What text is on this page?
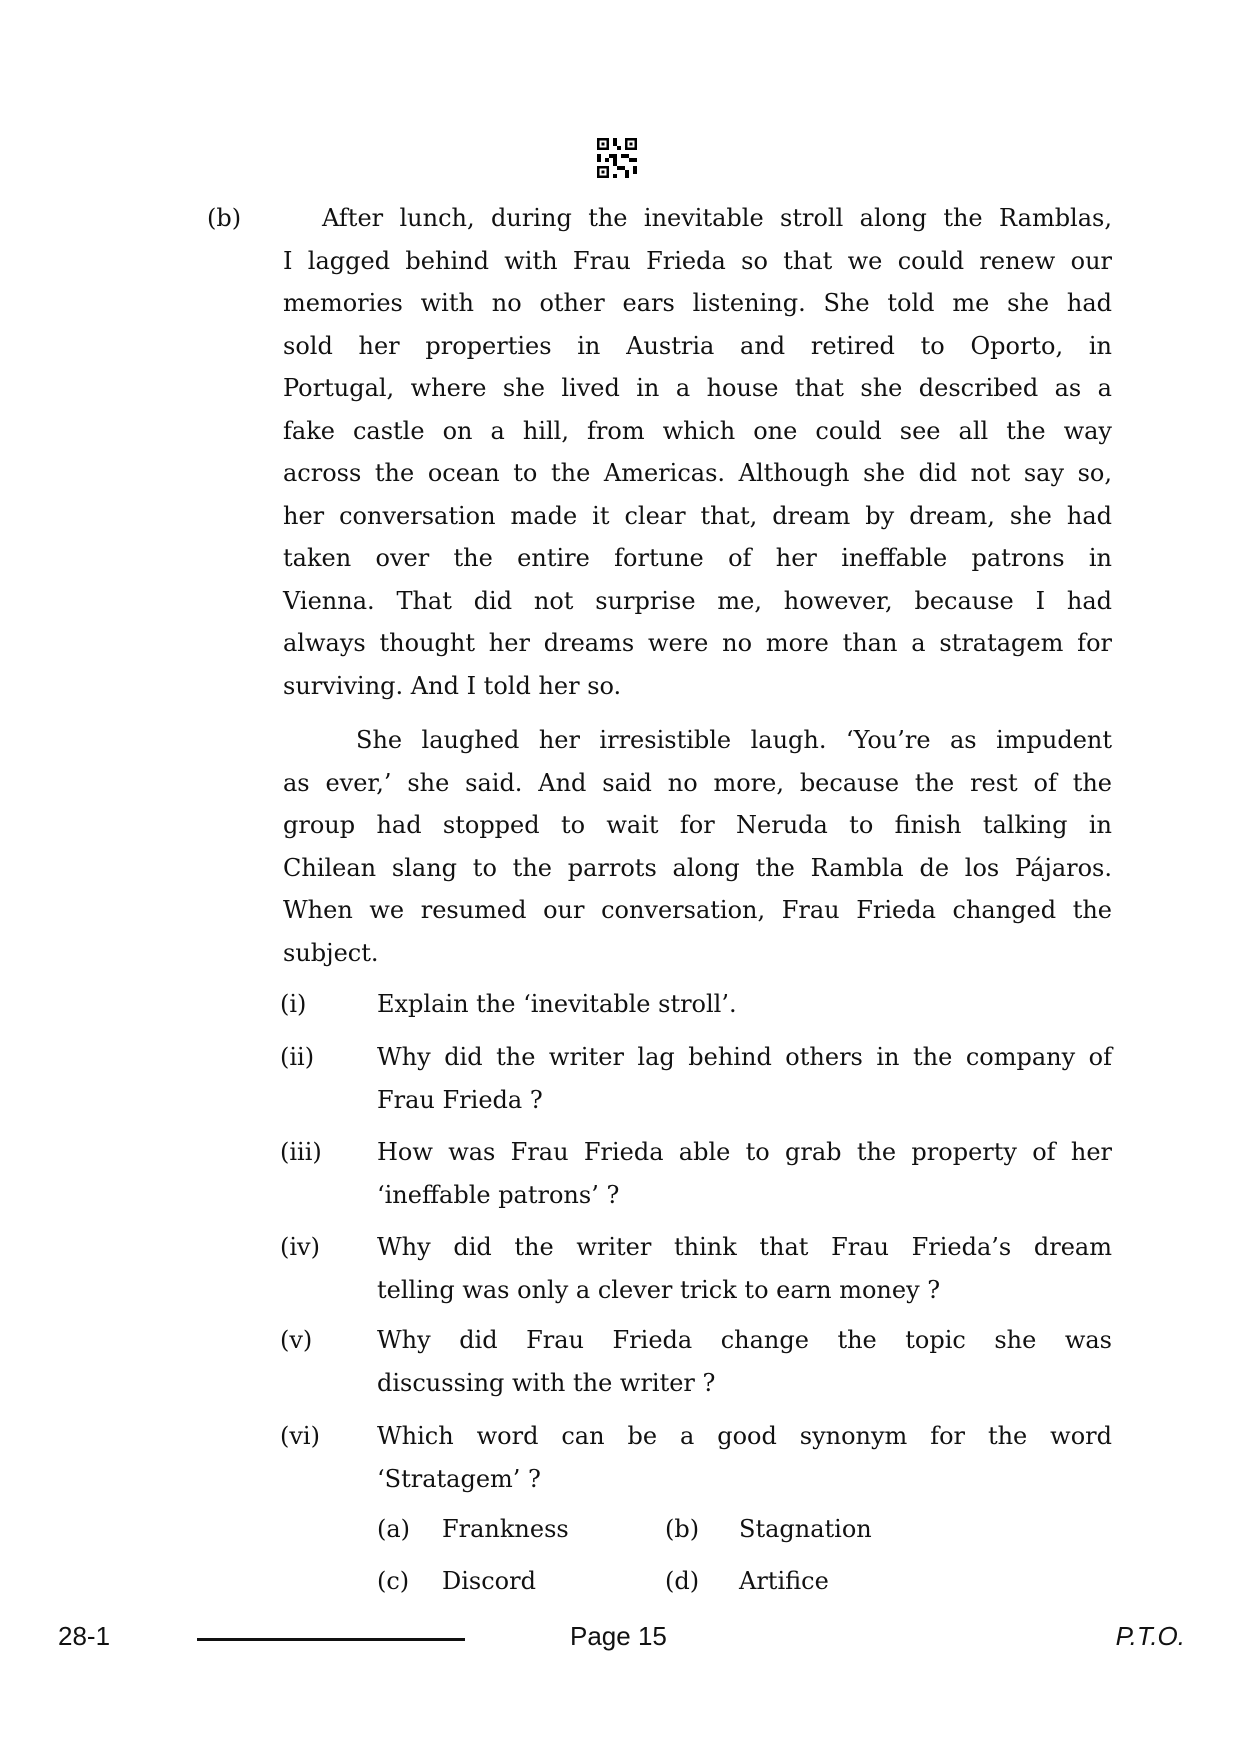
(b)	After lunch, during the inevitable stroll along the Ramblas,
I lagged behind with Frau Frieda so that we could renew our
memories with no other ears listening. She told me she had
sold her properties in Austria and retired to Oporto, in
Portugal, where she lived in a house that she described as a
fake castle on a hill, from which one could see all the way
across the ocean to the Americas. Although she did not say so,
her conversation made it clear that, dream by dream, she had
taken over the entire fortune of her ineffable patrons in
Vienna. That did not surprise me, however, because I had
always thought her dreams were no more than a stratagem for
surviving. And I told her so.
She laughed her irresistible laugh. ‘You’re as impudent
as ever,’ she said. And said no more, because the rest of the
group had stopped to wait for Neruda to finish talking in
Chilean slang to the parrots along the Rambla de los Pájaros.
When we resumed our conversation, Frau Frieda changed the
subject.
(i)	Explain the ‘inevitable stroll’.
(ii)	Why did the writer lag behind others in the company of
Frau Frieda ?
(iii) How was Frau Frieda able to grab the property of her
‘ineffable patrons’ ?
(iv) Why did the writer think that Frau Frieda’s dream
telling was only a clever trick to earn money ?
(v)	Why did Frau Frieda change the topic she was
discussing with the writer ?
(vi) Which word can be a good synonym for the word
‘Stratagem’ ?
(a) Frankness	(b) Stagnation
(c) Discord	(d) Artifice
28-1	Page 15	P.T.O.
